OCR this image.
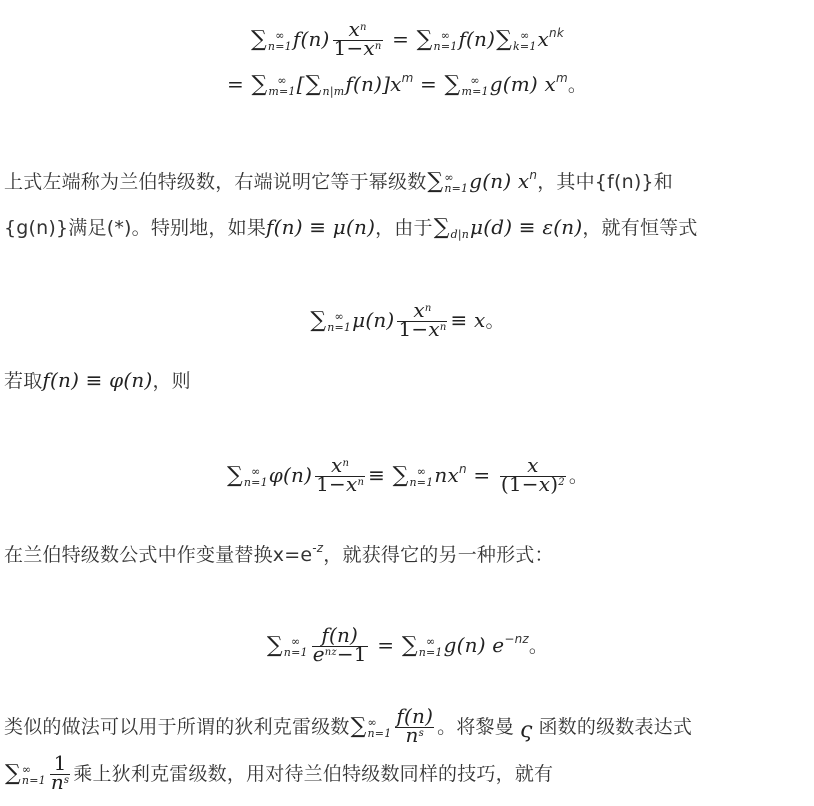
∑ ∞
n=1 $f(n) \frac{x^n}{1-x^n}$ = ∑ ∞
n=1 f(n)∑ ∞
k=1 $x^{nk}$
= ∑ ∞
m=1 [∑
n|m $f(n)]x^m$ = ∑ ∞
m=1 g(m) $x^m$。
上式左端称为兰伯特级数，右端说明它等于幂级数∑ ∞
n=1 g(n) $x^n$，其中{f(n)}和
{g(n)}满足(*)。特别地，如果f(n) ≡ μ(n)，由于∑
d|n μ(d) ≡ ε(n)，就有恒等式
∑ ∞
n=1 $\mu(n) \frac{x^n}{1-x^n} \equiv x$。
若取f(n) ≡ φ(n)，则
∑ ∞
n=1 $\varphi(n) \frac{x^n}{1-x^n}$ ≡ ∑ ∞
n=1 $nx^n = \frac{x}{(1-x)^2}$ 。
在兰伯特级数公式中作变量替换$x=e^{-z}$，就获得它的另一种形式：
∑ ∞
$n=1 \frac{f(n)}{e^{nz}-1}$ = ∑ ∞
n=1 g(n) $e^{-nz}$。
类似的做法可以用于所谓的狄利克雷级数∑ ∞
$n=1 \frac{f(n)}{n^s}$ 。将黎曼 ς 函数的级数表达式
∑ ∞
$n=1 \frac{1}{n^s}$ 乘上狄利克雷级数，用对待兰伯特级数同样的技巧，就有
